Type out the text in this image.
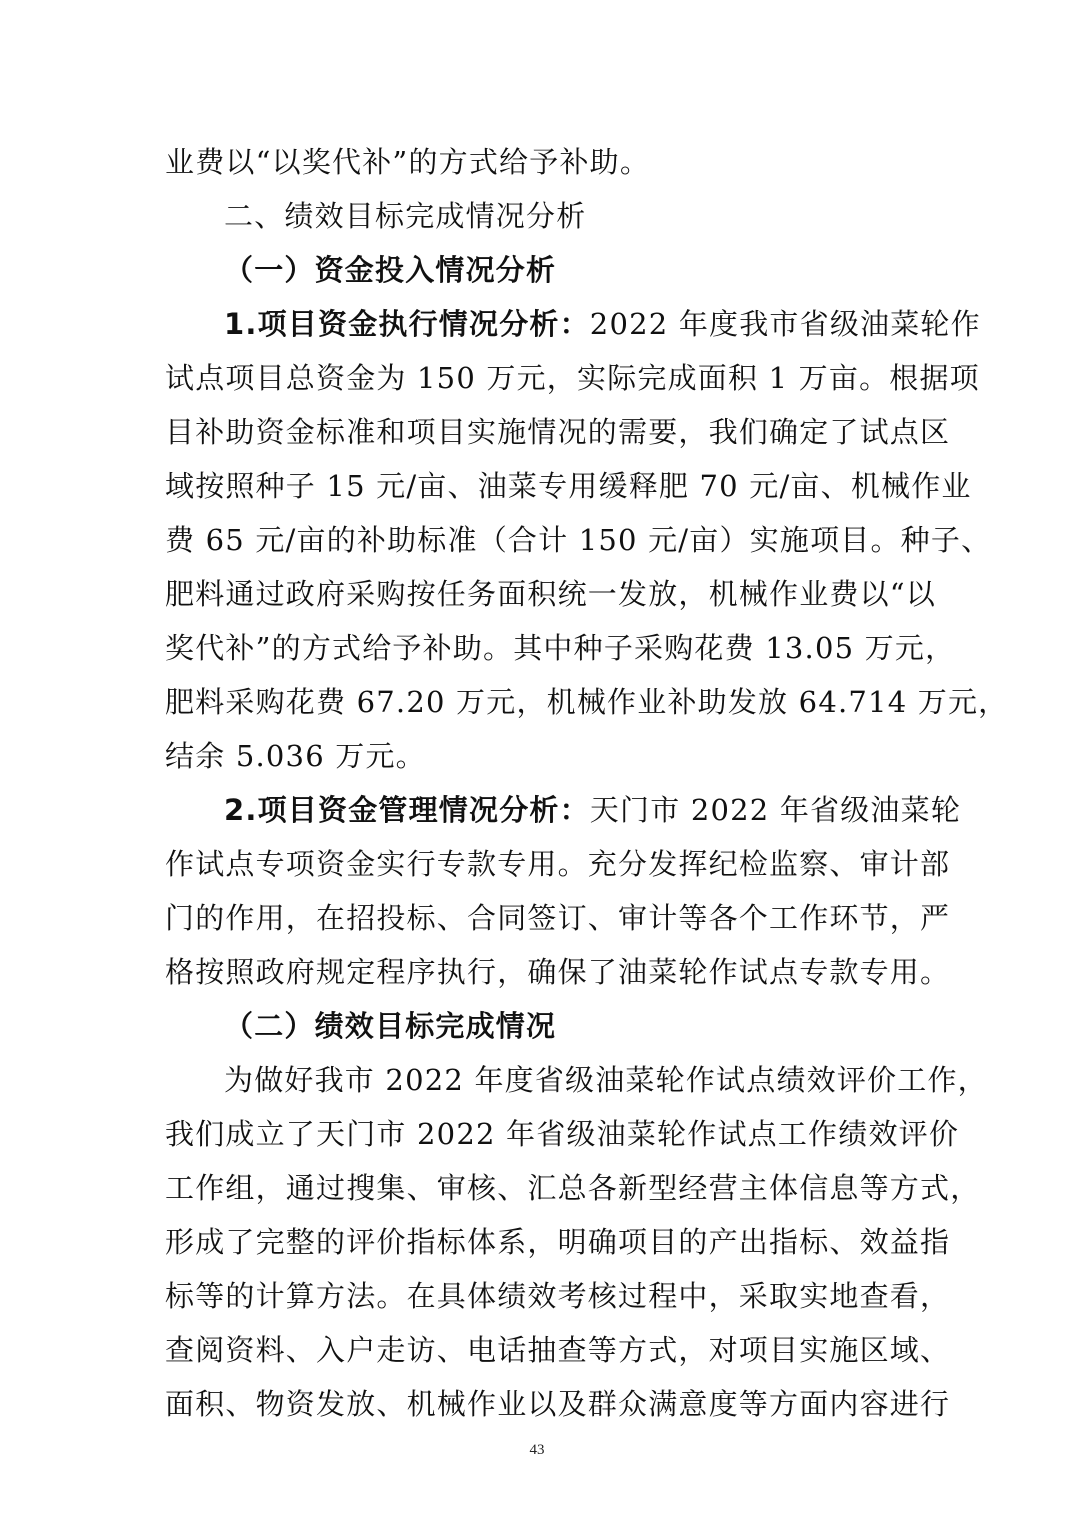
业费以“以奖代补”的方式给予补助。
二、绩效目标完成情况分析
（一）资金投入情况分析
1.项目资金执行情况分析：2022 年度我市省级油菜轮作
试点项目总资金为 150 万元，实际完成面积 1 万亩。根据项
目补助资金标准和项目实施情况的需要，我们确定了试点区
域按照种子 15 元/亩、油菜专用缓释肥 70 元/亩、机械作业
费 65 元/亩的补助标准（合计 150 元/亩）实施项目。种子、
肥料通过政府采购按任务面积统一发放，机械作业费以“以
奖代补”的方式给予补助。其中种子采购花费 13.05 万元，
肥料采购花费 67.20 万元，机械作业补助发放 64.714 万元，
结余 5.036 万元。
2.项目资金管理情况分析：天门市 2022 年省级油菜轮
作试点专项资金实行专款专用。充分发挥纪检监察、审计部
门的作用，在招投标、合同签订、审计等各个工作环节，严
格按照政府规定程序执行，确保了油菜轮作试点专款专用。
（二）绩效目标完成情况
为做好我市 2022 年度省级油菜轮作试点绩效评价工作，
我们成立了天门市 2022 年省级油菜轮作试点工作绩效评价
工作组，通过搜集、审核、汇总各新型经营主体信息等方式，
形成了完整的评价指标体系，明确项目的产出指标、效益指
标等的计算方法。在具体绩效考核过程中，采取实地查看，
查阅资料、入户走访、电话抽查等方式，对项目实施区域、
面积、物资发放、机械作业以及群众满意度等方面内容进行
43
